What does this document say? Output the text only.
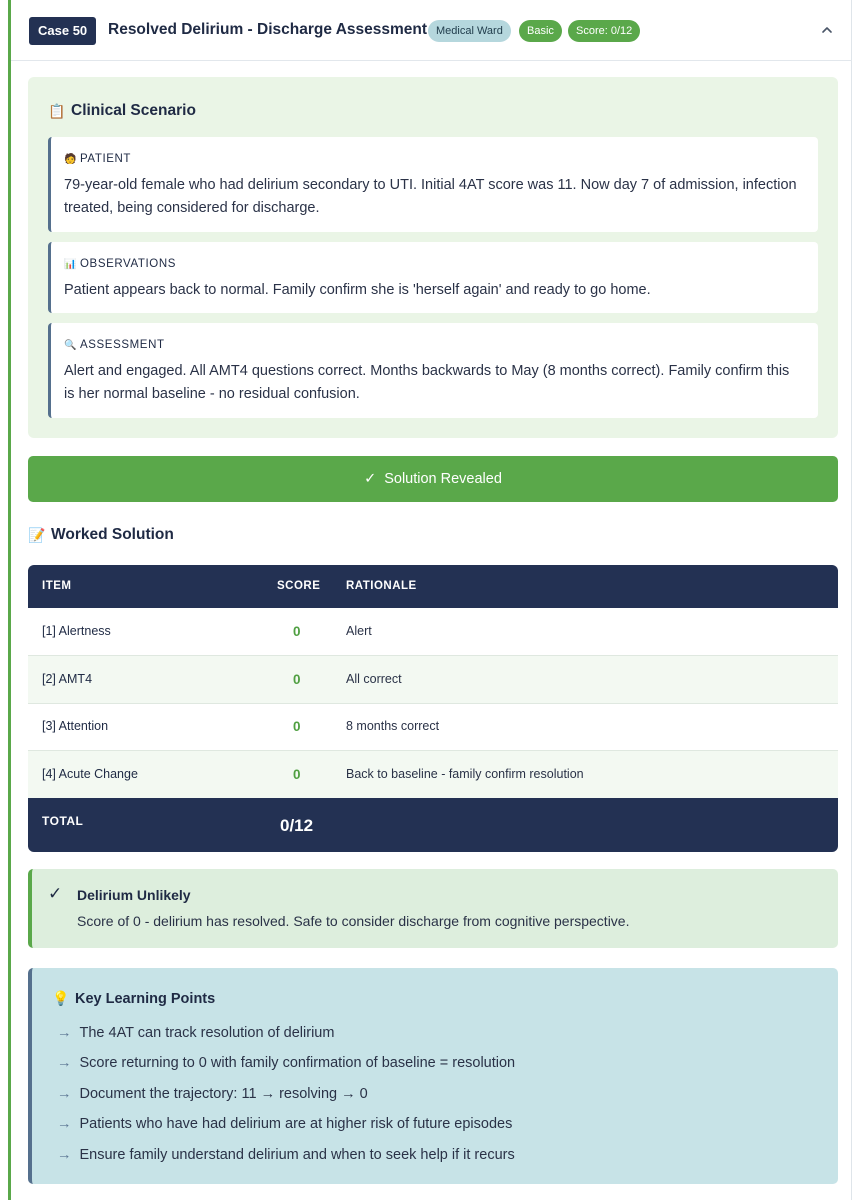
Case 50	Resolved Delirium - Discharge Assessment Medical Ward	Basic	Score: 0/12
📋 Clinical Scenario
🧑 PATIENT
79-year-old female who had delirium secondary to UTI. Initial 4AT score was 11. Now day 7 of admission, infection treated, being considered for discharge.
📊 OBSERVATIONS
Patient appears back to normal. Family confirm she is 'herself again' and ready to go home.
🔍 ASSESSMENT
Alert and engaged. All AMT4 questions correct. Months backwards to May (8 months correct). Family confirm this is her normal baseline - no residual confusion.
✓ Solution Revealed
📝 Worked Solution
ITEM	SCORE RATIONALE
[1] Alertness	0	Alert
[2] AMT4	0	All correct
[3] Attention	0	8 months correct
[4] Acute Change	0	Back to baseline - family confirm resolution
TOTAL	0/12
✓ Delirium Unlikely
Score of 0 - delirium has resolved. Safe to consider discharge from cognitive perspective.
💡 Key Learning Points
→ The 4AT can track resolution of delirium
→ Score returning to 0 with family confirmation of baseline = resolution
→ Document the trajectory: 11 → resolving → 0
→ Patients who have had delirium are at higher risk of future episodes
→ Ensure family understand delirium and when to seek help if it recurs
